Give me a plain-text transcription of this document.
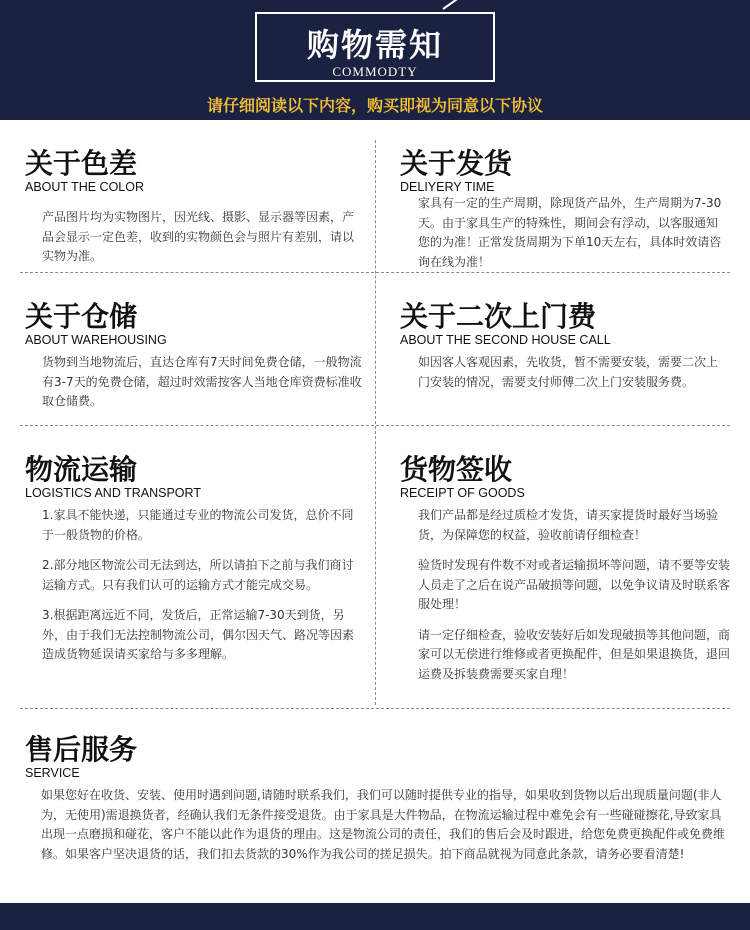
购物需知
COMMODTY
请仔细阅读以下内容，购买即视为同意以下协议
关于色差
ABOUT THE COLOR

产品图片均为实物图片，因光线、摄影、显示器等因素，产品会显示一定色差，收到的实物颜色会与照片有差别，请以实物为准。

关于发货
DELIYERY TIME

家具有一定的生产周期，除现货产品外，生产周期为7-30天。由于家具生产的特殊性，期间会有浮动，以客服通知您的为准！正常发货周期为下单10天左右，具体时效请咨询在线为准！

关于仓储
ABOUT WAREHOUSING

货物到当地物流后，直达仓库有7天时间免费仓储，一般物流有3-7天的免费仓储，超过时效需按客人当地仓库资费标准收取仓储费。

关于二次上门费
ABOUT THE SECOND HOUSE CALL

如因客人客观因素，先收货，暂不需要安装，需要二次上门安装的情况，需要支付师傅二次上门安装服务费。

物流运输
LOGISTICS AND TRANSPORT

1.家具不能快递，只能通过专业的物流公司发货，总价不同于一般货物的价格。

2.部分地区物流公司无法到达，所以请拍下之前与我们商讨运输方式。只有我们认可的运输方式才能完成交易。

3.根据距离远近不同，发货后，正常运输7-30天到货，另外，由于我们无法控制物流公司，偶尔因天气、路况等因素造成货物延误请买家给与多多理解。

货物签收
RECEIPT OF GOODS

我们产品都是经过质检才发货，请买家提货时最好当场验货，为保障您的权益，验收前请仔细检查！

验货时发现有件数不对或者运输损坏等问题，请不要等安装人员走了之后在说产品破损等问题，以免争议请及时联系客服处理！

请一定仔细检查，验收安装好后如发现破损等其他问题，商家可以无偿进行维修或者更换配件，但是如果退换货，退回运费及拆装费需要买家自理！

售后服务
SERVICE

如果您好在收货、安装、使用时遇到问题,请随时联系我们，我们可以随时提供专业的指导，如果收到货物以后出现质量问题(非人为，无使用)需退换货者，经确认我们无条件接受退货。由于家具是大件物品，在物流运输过程中难免会有一些碰碰擦花,导致家具出现一点磨损和碰花，客户不能以此作为退货的理由。这是物流公司的责任，我们的售后会及时跟进，给您免费更换配件或免费维修。如果客户坚决退货的话，我们扣去货款的30%作为我公司的搓足损失。拍下商品就视为同意此条款，请务必要看清楚!
